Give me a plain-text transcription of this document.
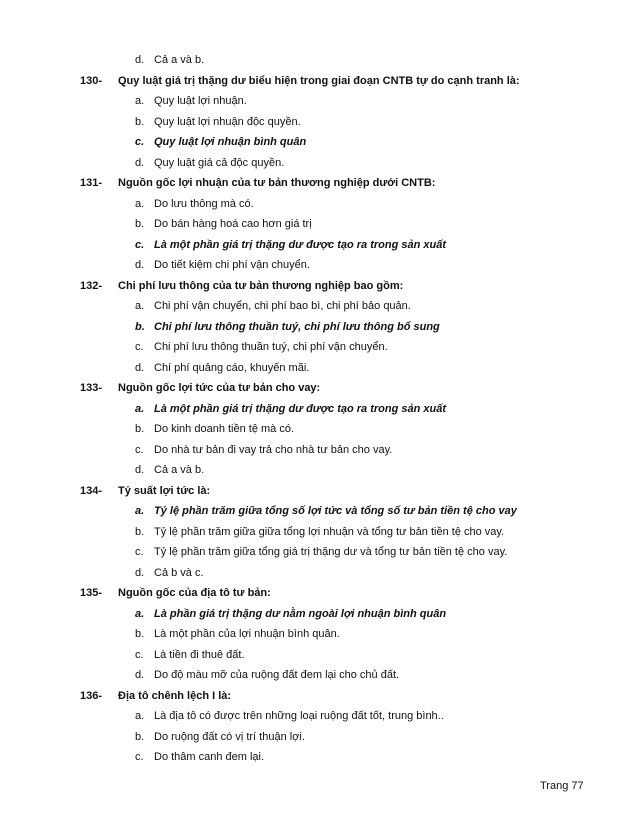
d. Cả a và b.
130- Quy luật giá trị thặng dư biểu hiện trong giai đoạn CNTB tự do cạnh tranh là:
a. Quy luật lợi nhuận.
b. Quy luật lợi nhuận độc quyền.
c. Quy luật lợi nhuận bình quân
d. Quy luật giá cả độc quyền.
131- Nguồn gốc lợi nhuận của tư bản thương nghiệp dưới CNTB:
a. Do lưu thông mà có.
b. Do bán hàng hoá cao hơn giá trị
c. Là một phần giá trị thặng dư được tạo ra trong sản xuất
d. Do tiết kiệm chi phí vận chuyển.
132- Chi phí lưu thông của tư bản thương nghiệp bao gồm:
a. Chi phí vận chuyển, chi phí bao bì, chi phí bảo quản.
b. Chi phí lưu thông thuần tuý, chi phí lưu thông bổ sung
c. Chi phí lưu thông thuần tuý, chi phí vận chuyển.
d. Chí phí quảng cáo, khuyến mãi.
133- Nguồn gốc lợi tức của tư bản cho vay:
a. Là một phần giá trị thặng dư được tạo ra trong sản xuất
b. Do kinh doanh tiền tệ mà có.
c. Do nhà tư bản đi vay trả cho nhà tư bản cho vay.
d. Cả a và b.
134- Tỷ suất lợi tức là:
a. Tỷ lệ phần trăm giữa tổng số lợi tức và tổng số tư bản tiền tệ cho vay
b. Tỷ lệ phần trăm giữa giữa tổng lợi nhuận và tổng tư bản tiền tệ cho vay.
c. Tỷ lệ phần trăm giữa tổng giá trị thặng dư và tổng tư bản tiền tệ cho vay.
d. Cả b và c.
135- Nguồn gốc của địa tô tư bản:
a. Là phần giá trị thặng dư nằm ngoài lợi nhuận bình quân
b. Là một phần của lợi nhuận bình quân.
c. Là tiền đi thuê đất.
d. Do độ màu mỡ của ruộng đất đem lại cho chủ đất.
136- Địa tô chênh lệch I là:
a. Là địa tô có được trên những loại ruộng đất tốt, trung bình..
b. Do ruộng đất có vị trí thuận lợi.
c. Do thâm canh đem lại.
Trang 77
